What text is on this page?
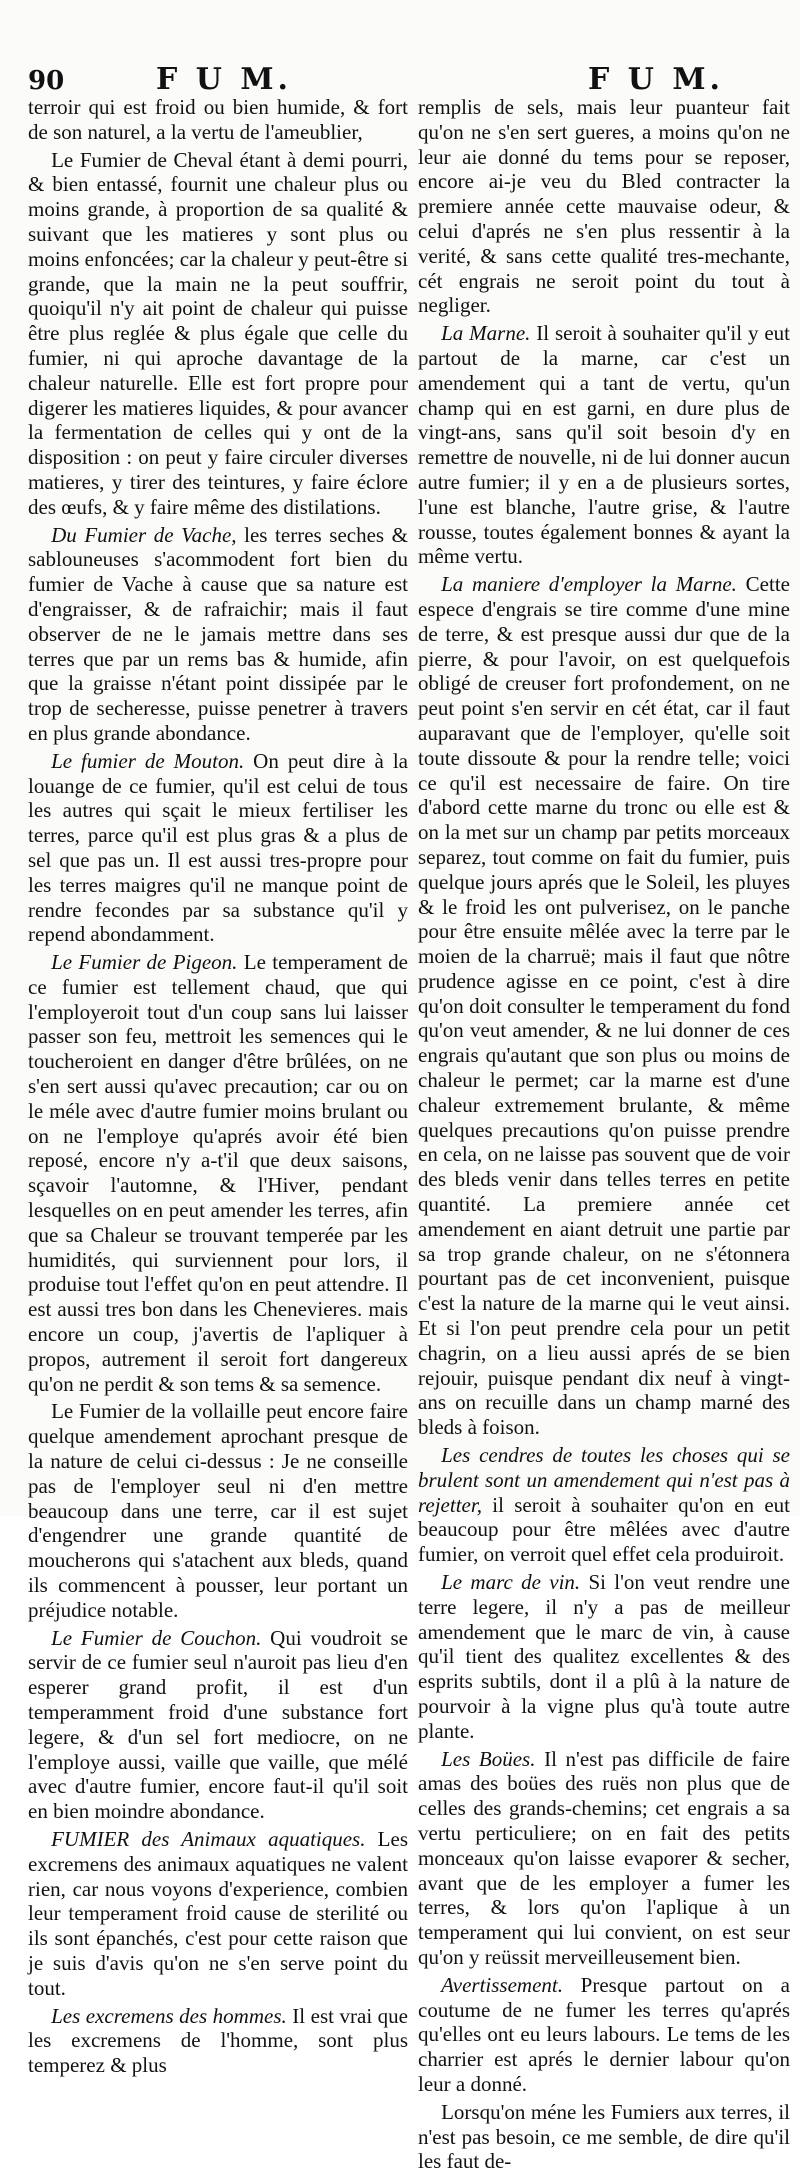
90	F U M.	F U M.

terroir qui est froid ou bien humide, & fort de son naturel, a la vertu de l'ameublier,

Le Fumier de Cheval étant à demi pourri, & bien entassé, fournit une chaleur plus ou moins grande, à proportion de sa qualité & suivant que les matieres y sont plus ou moins enfoncées; car la chaleur y peut-être si grande, que la main ne la peut souffrir, quoiqu'il n'y ait point de chaleur qui puisse être plus reglée & plus égale que celle du fumier, ni qui aproche davantage de la chaleur naturelle. Elle est fort propre pour digerer les matieres liquides, & pour avancer la fermentation de celles qui y ont de la disposition : on peut y faire circuler diverses matieres, y tirer des teintures, y faire éclore des œufs, & y faire même des distilations.

Du Fumier de Vache, les terres seches & sablouneuses s'acommodent fort bien du fumier de Vache à cause que sa nature est d'engraisser, & de rafraichir; mais il faut observer de ne le jamais mettre dans ses terres que par un rems bas & humide, afin que la graisse n'étant point dissipée par le trop de secheresse, puisse penetrer à travers en plus grande abondance.

Le fumier de Mouton. On peut dire à la louange de ce fumier, qu'il est celui de tous les autres qui sçait le mieux fertiliser les terres, parce qu'il est plus gras & a plus de sel que pas un. Il est aussi tres-propre pour les terres maigres qu'il ne manque point de rendre fecondes par sa substance qu'il y repend abondamment.

Le Fumier de Pigeon. Le temperament de ce fumier est tellement chaud, que qui l'employeroit tout d'un coup sans lui laisser passer son feu, mettroit les semences qui le toucheroient en danger d'être brûlées, on ne s'en sert aussi qu'avec precaution; car ou on le méle avec d'autre fumier moins brulant ou on ne l'employe qu'aprés avoir été bien reposé, encore n'y a-t'il que deux saisons, sçavoir l'automne, & l'Hiver, pendant lesquelles on en peut amender les terres, afin que sa Chaleur se trouvant temperée par les humidités, qui surviennent pour lors, il produise tout l'effet qu'on en peut attendre. Il est aussi tres bon dans les Chenevieres. mais encore un coup, j'avertis de l'apliquer à propos, autrement il seroit fort dangereux qu'on ne perdit & son tems & sa semence.

Le Fumier de la vollaille peut encore faire quelque amendement aprochant presque de la nature de celui ci-dessus : Je ne conseille pas de l'employer seul ni d'en mettre beaucoup dans une terre, car il est sujet d'engendrer une grande quantité de moucherons qui s'atachent aux bleds, quand ils commencent à pousser, leur portant un préjudice notable.

Le Fumier de Couchon. Qui voudroit se servir de ce fumier seul n'auroit pas lieu d'en esperer grand profit, il est d'un temperamment froid d'une substance fort legere, & d'un sel fort mediocre, on ne l'employe aussi, vaille que vaille, que mélé avec d'autre fumier, encore faut-il qu'il soit en bien moindre abondance.

FUMIER des Animaux aquatiques. Les excremens des animaux aquatiques ne valent rien, car nous voyons d'experience, combien leur temperament froid cause de sterilité ou ils sont épanchés, c'est pour cette raison que je suis d'avis qu'on ne s'en serve point du tout.

Les excremens des hommes. Il est vrai que les excremens de l'homme, sont plus temperez & plus

remplis de sels, mais leur puanteur fait qu'on ne s'en sert gueres, a moins qu'on ne leur aie donné du tems pour se reposer, encore ai-je veu du Bled contracter la premiere année cette mauvaise odeur, & celui d'aprés ne s'en plus ressentir à la verité, & sans cette qualité tres-mechante, cét engrais ne seroit point du tout à negliger.

La Marne. Il seroit à souhaiter qu'il y eut partout de la marne, car c'est un amendement qui a tant de vertu, qu'un champ qui en est garni, en dure plus de vingt-ans, sans qu'il soit besoin d'y en remettre de nouvelle, ni de lui donner aucun autre fumier; il y en a de plusieurs sortes, l'une est blanche, l'autre grise, & l'autre rousse, toutes également bonnes & ayant la même vertu.

La maniere d'employer la Marne. Cette espece d'engrais se tire comme d'une mine de terre, & est presque aussi dur que de la pierre, & pour l'avoir, on est quelquefois obligé de creuser fort profondement, on ne peut point s'en servir en cét état, car il faut auparavant que de l'employer, qu'elle soit toute dissoute & pour la rendre telle; voici ce qu'il est necessaire de faire. On tire d'abord cette marne du tronc ou elle est & on la met sur un champ par petits morceaux separez, tout comme on fait du fumier, puis quelque jours aprés que le Soleil, les pluyes & le froid les ont pulverisez, on le panche pour être ensuite mêlée avec la terre par le moien de la charruë; mais il faut que nôtre prudence agisse en ce point, c'est à dire qu'on doit consulter le temperament du fond qu'on veut amender, & ne lui donner de ces engrais qu'autant que son plus ou moins de chaleur le permet; car la marne est d'une chaleur extremement brulante, & même quelques precautions qu'on puisse prendre en cela, on ne laisse pas souvent que de voir des bleds venir dans telles terres en petite quantité. La premiere année cet amendement en aiant detruit une partie par sa trop grande chaleur, on ne s'étonnera pourtant pas de cet inconvenient, puisque c'est la nature de la marne qui le veut ainsi. Et si l'on peut prendre cela pour un petit chagrin, on a lieu aussi aprés de se bien rejouir, puisque pendant dix neuf à vingt-ans on recuille dans un champ marné des bleds à foison.

Les cendres de toutes les choses qui se brulent sont un amendement qui n'est pas à rejetter, il seroit à souhaiter qu'on en eut beaucoup pour être mêlées avec d'autre fumier, on verroit quel effet cela produiroit.

Le marc de vin. Si l'on veut rendre une terre legere, il n'y a pas de meilleur amendement que le marc de vin, à cause qu'il tient des qualitez excellentes & des esprits subtils, dont il a plû à la nature de pourvoir à la vigne plus qu'à toute autre plante.

Les Boües. Il n'est pas difficile de faire amas des boües des ruës non plus que de celles des grands-chemins; cet engrais a sa vertu perticuliere; on en fait des petits monceaux qu'on laisse evaporer & secher, avant que de les employer a fumer les terres, & lors qu'on l'aplique à un temperament qui lui convient, on est seur qu'on y reüssit merveilleusement bien.

Avertissement. Presque partout on a coutume de ne fumer les terres qu'aprés qu'elles ont eu leurs labours. Le tems de les charrier est aprés le dernier labour qu'on leur a donné.

Lorsqu'on méne les Fumiers aux terres, il n'est pas besoin, ce me semble, de dire qu'il les faut de-
